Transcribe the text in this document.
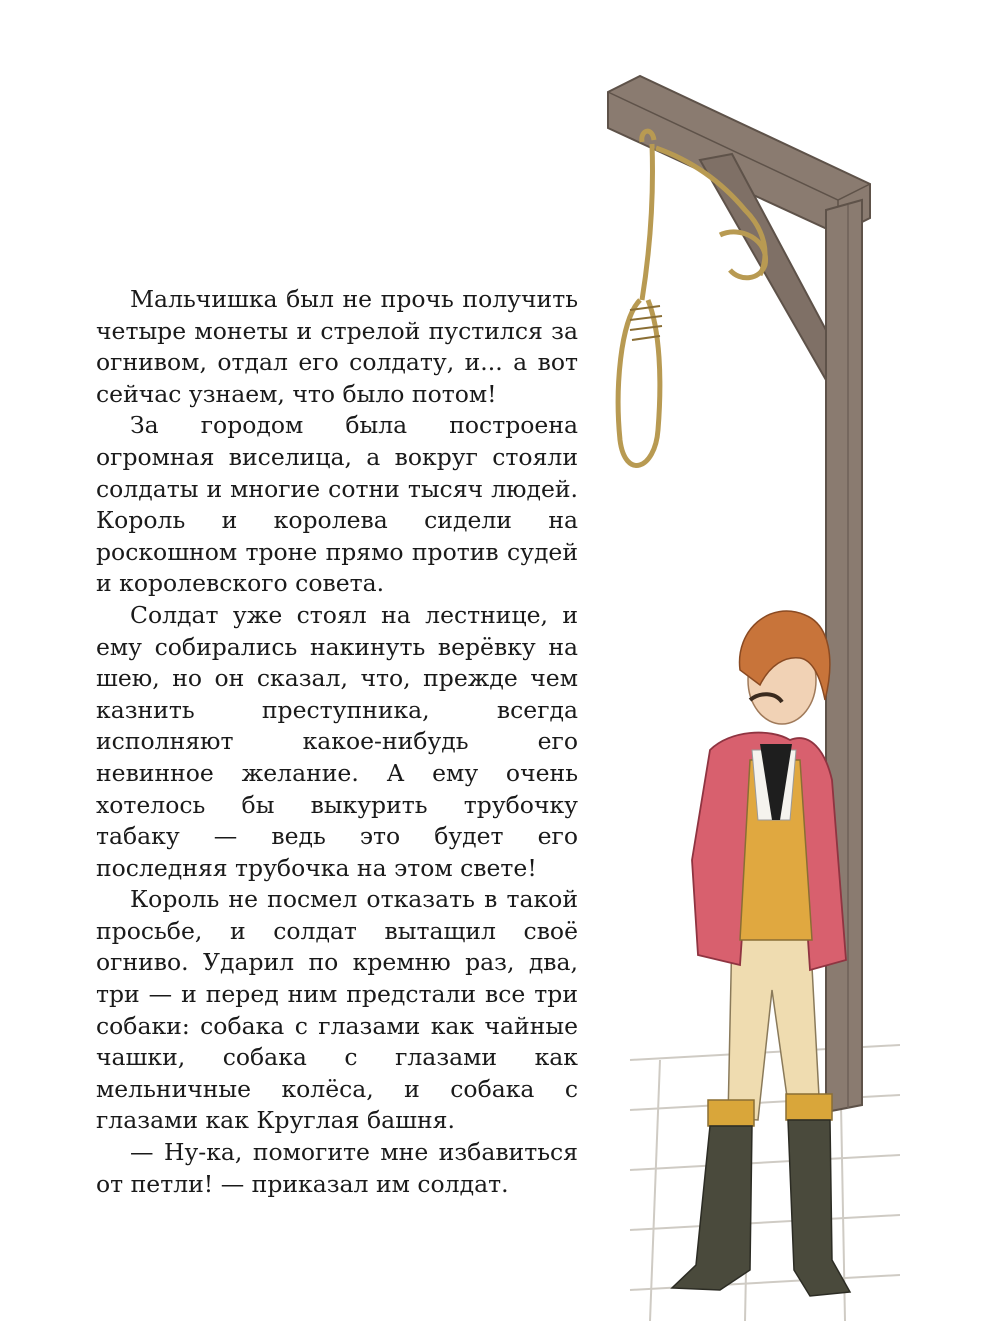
Мальчишка был не прочь получить четыре монеты и стрелой пустился за огнивом, отдал его солдату, и... а вот сейчас узнаем, что было потом!

За городом была построена огромная виселица, а вокруг стояли солдаты и многие сотни тысяч людей. Король и королева сидели на роскошном троне прямо против судей и королевского совета.

Солдат уже стоял на лестнице, и ему собирались накинуть верёвку на шею, но он сказал, что, прежде чем казнить преступника, всегда исполняют какое-нибудь его невинное желание. А ему очень хотелось бы выкурить трубочку табаку — ведь это будет его последняя трубочка на этом свете!

Король не посмел отказать в такой просьбе, и солдат вытащил своё огниво. Ударил по кремню раз, два, три — и перед ним предстали все три собаки: собака с глазами как чайные чашки, собака с глазами как мельничные колёса, и собака с глазами как Круглая башня.

— Ну-ка, помогите мне избавиться от петли! — приказал им солдат.
